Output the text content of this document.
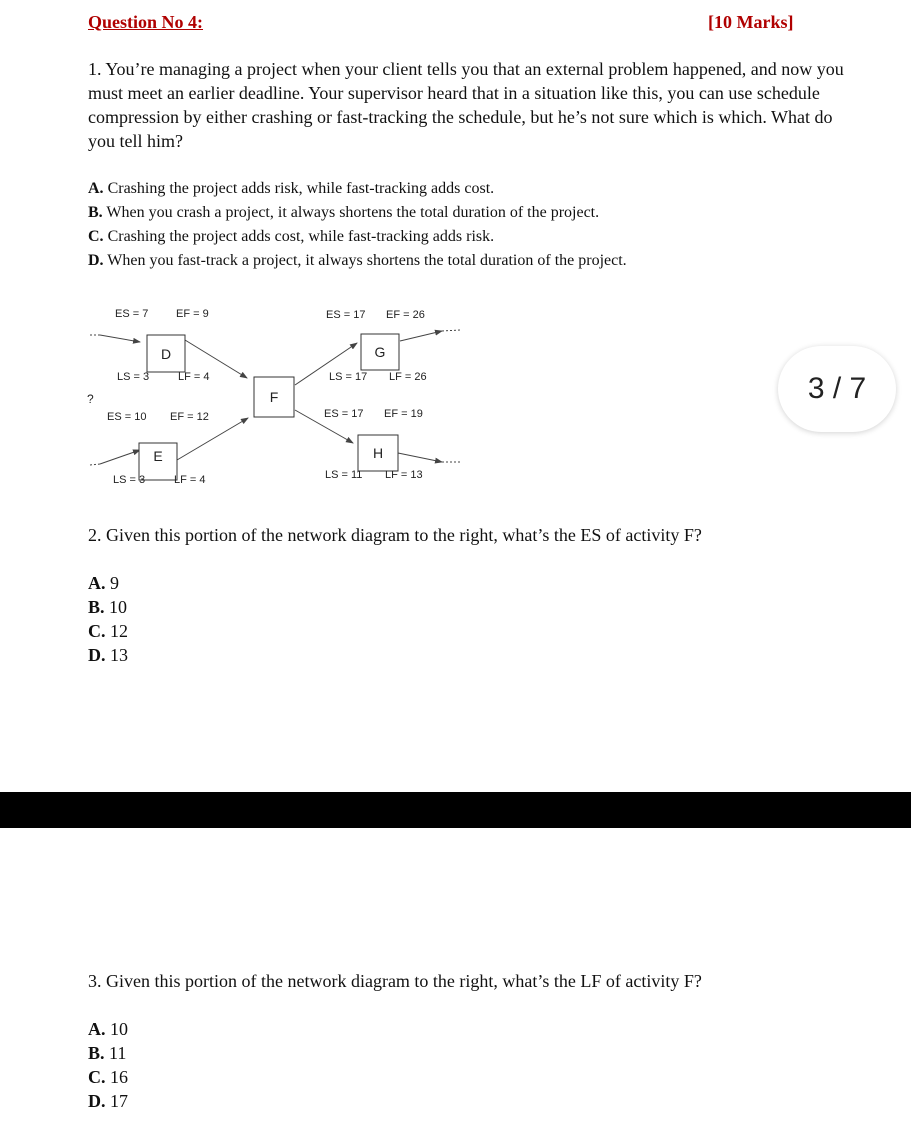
Question No 4:	[10 Marks]
1. You’re managing a project when your client tells you that an external problem happened, and now you must meet an earlier deadline. Your supervisor heard that in a situation like this, you can use schedule compression by either crashing or fast-tracking the schedule, but he’s not sure which is which. What do you tell him?
A. Crashing the project adds risk, while fast-tracking adds cost.
B. When you crash a project, it always shortens the total duration of the project.
C. Crashing the project adds cost, while fast-tracking adds risk.
D. When you fast-track a project, it always shortens the total duration of the project.
D
E
F
G
H
ES = 7	EF = 9
LS = 3	LF = 4
ES = 10 EF = 12
LS = 3	LF = 4
ES = 17 EF = 26
LS = 17 LF = 26
ES = 17 EF = 19
LS = 11 LF = 13
?
2. Given this portion of the network diagram to the right, what’s the ES of activity F?
A. 9
B. 10
C. 12
D. 13
3. Given this portion of the network diagram to the right, what’s the LF of activity F?
A. 10
B. 11
C. 16
D. 17
3 / 7
